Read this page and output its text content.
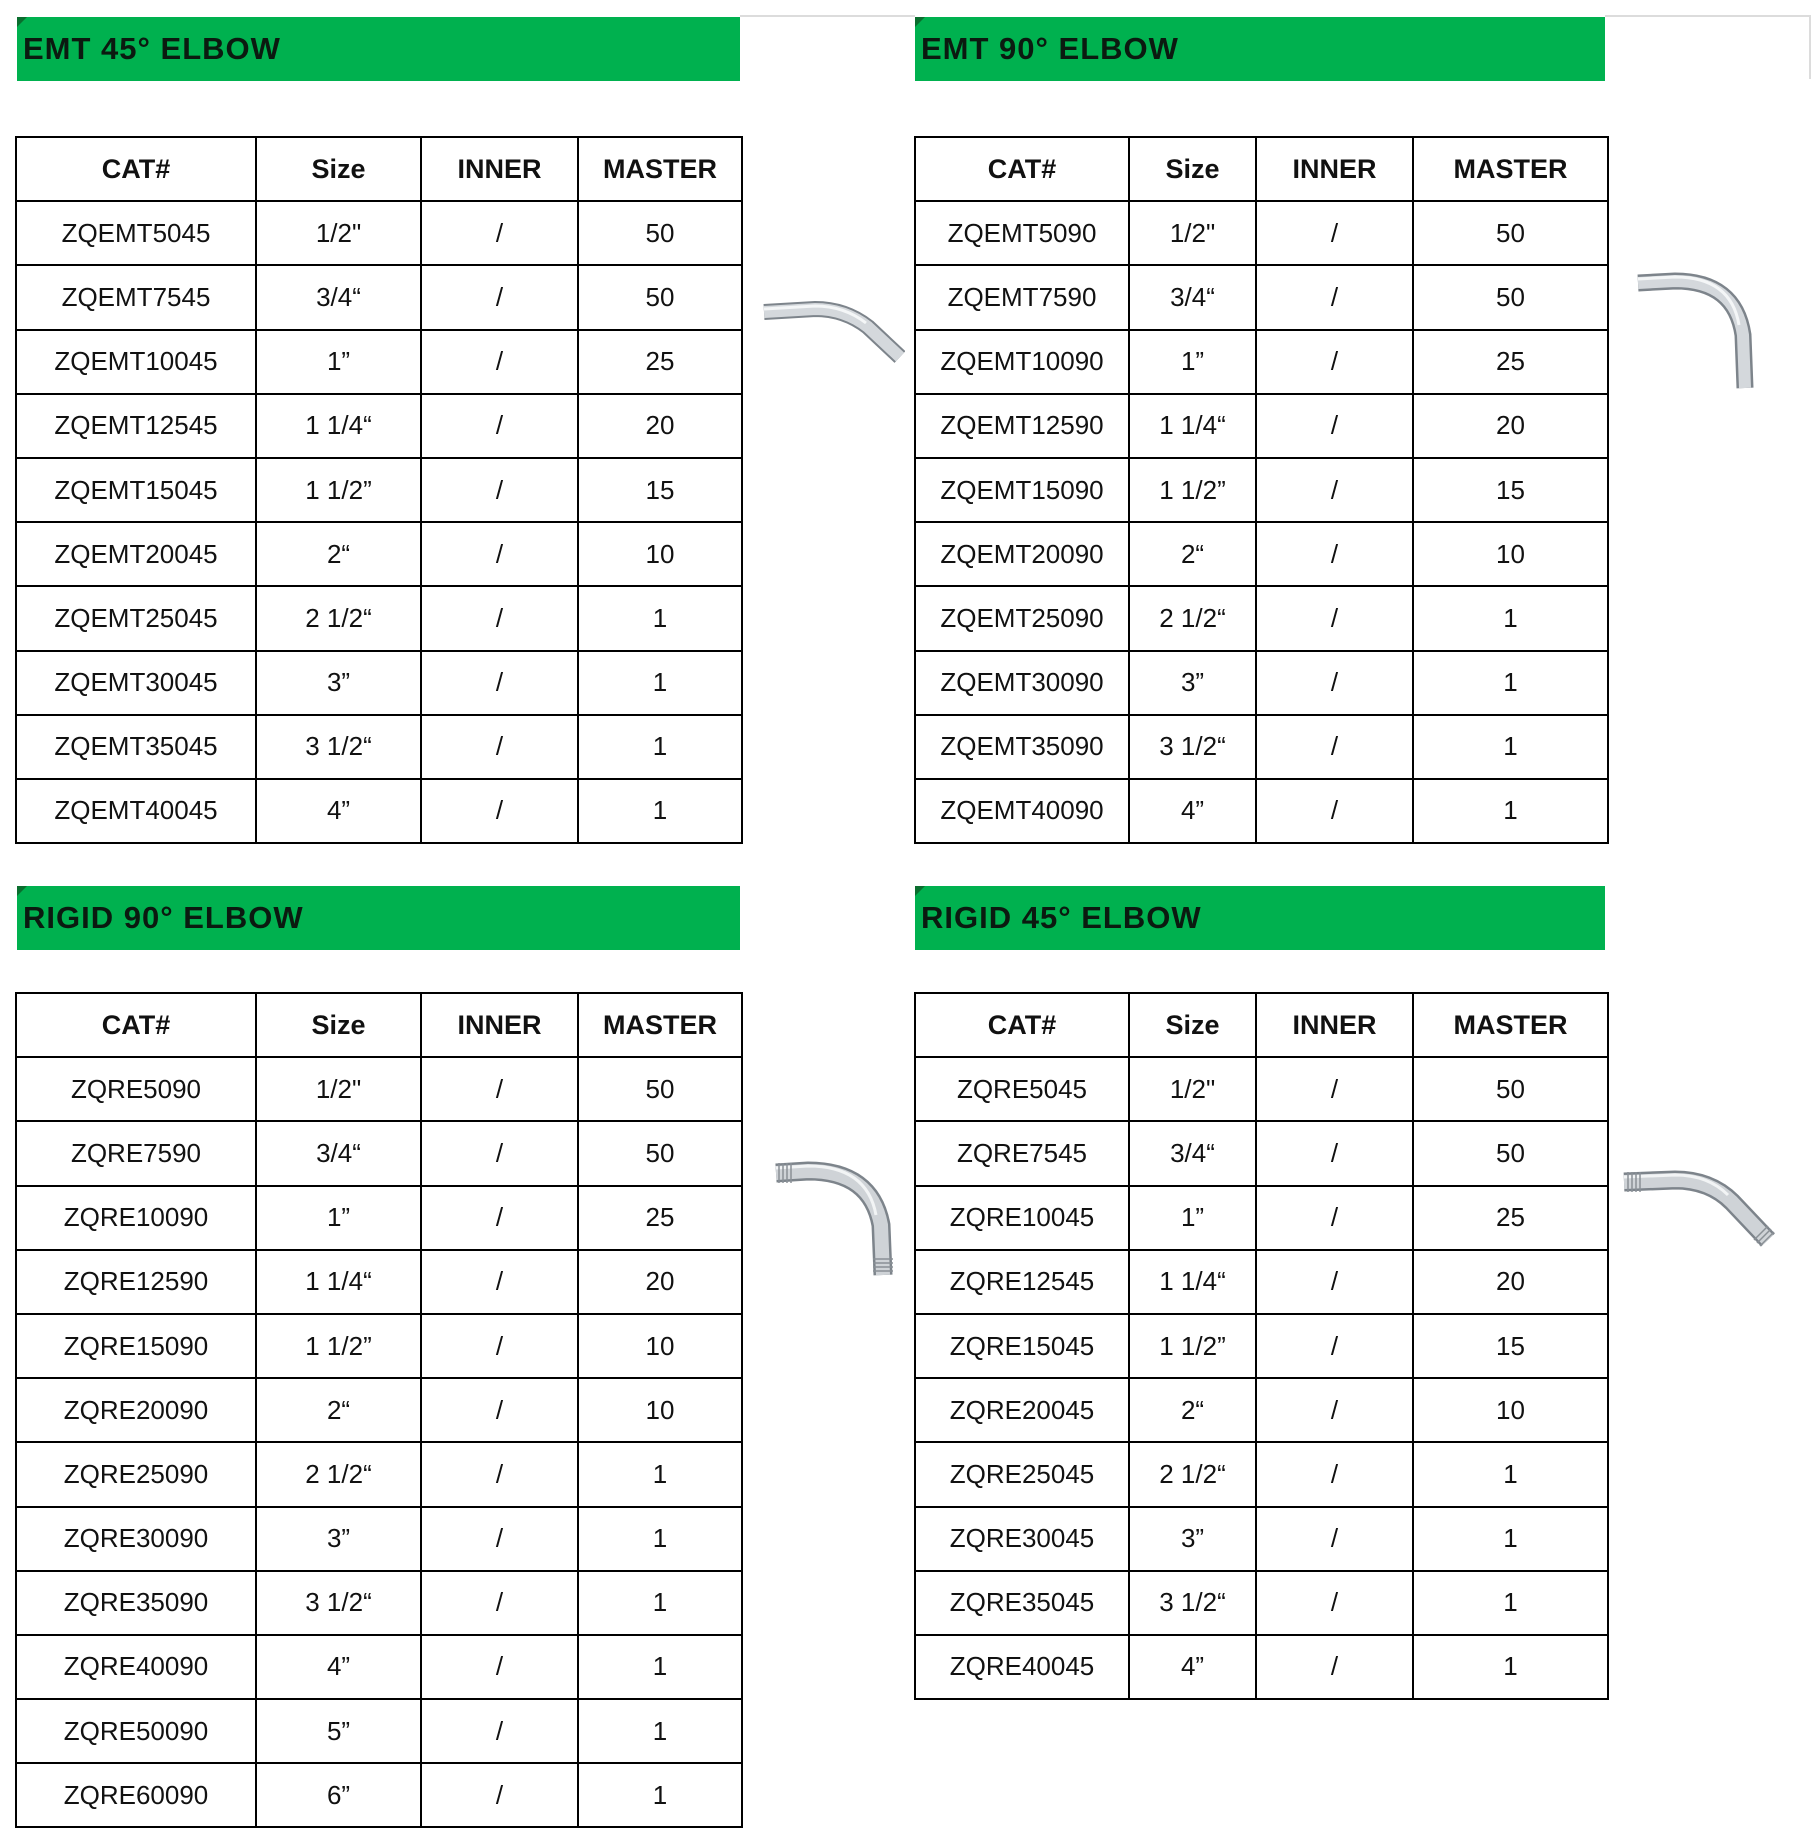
EMT 45° ELBOW	EMT 90° ELBOW
RIGID 90° ELBOW	RIGID 45° ELBOW
CAT#	Size	INNER	MASTER
ZQEMT5045	1/2"	/	50
ZQEMT7545	3/4“	/	50
ZQEMT10045	1”	/	25
ZQEMT12545	1 1/4“	/	20
ZQEMT15045	1 1/2”	/	15
ZQEMT20045	2“	/	10
ZQEMT25045	2 1/2“	/	1
ZQEMT30045	3”	/	1
ZQEMT35045	3 1/2“	/	1
ZQEMT40045	4”	/	1
CAT#	Size	INNER	MASTER
ZQEMT5090	1/2"	/	50
ZQEMT7590	3/4“	/	50
ZQEMT10090	1”	/	25
ZQEMT12590	1 1/4“	/	20
ZQEMT15090	1 1/2”	/	15
ZQEMT20090	2“	/	10
ZQEMT25090	2 1/2“	/	1
ZQEMT30090	3”	/	1
ZQEMT35090	3 1/2“	/	1
ZQEMT40090	4”	/	1
CAT#	Size	INNER	MASTER
ZQRE5090	1/2"	/	50
ZQRE7590	3/4“	/	50
ZQRE10090	1”	/	25
ZQRE12590	1 1/4“	/	20
ZQRE15090	1 1/2”	/	10
ZQRE20090	2“	/	10
ZQRE25090	2 1/2“	/	1
ZQRE30090	3”	/	1
ZQRE35090	3 1/2“	/	1
ZQRE40090	4”	/	1
ZQRE50090	5”	/	1
ZQRE60090	6”	/	1
CAT#	Size	INNER	MASTER
ZQRE5045	1/2"	/	50
ZQRE7545	3/4“	/	50
ZQRE10045	1”	/	25
ZQRE12545	1 1/4“	/	20
ZQRE15045	1 1/2”	/	15
ZQRE20045	2“	/	10
ZQRE25045	2 1/2“	/	1
ZQRE30045	3”	/	1
ZQRE35045	3 1/2“	/	1
ZQRE40045	4”	/	1
